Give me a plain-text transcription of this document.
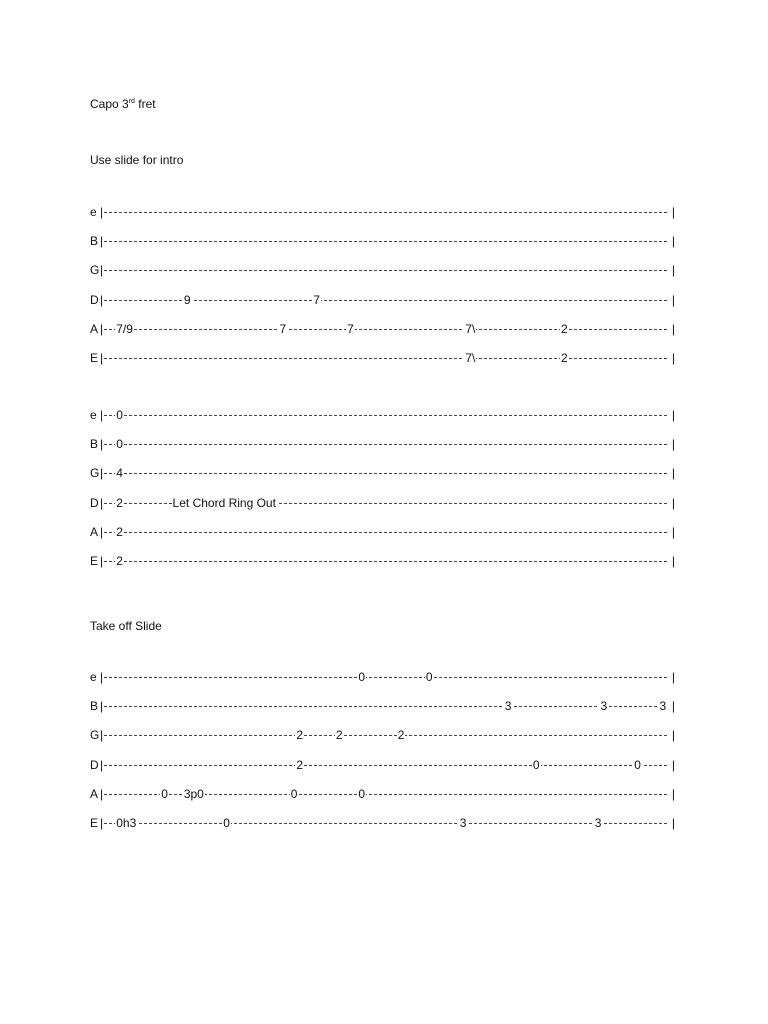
Capo 3rd fret
Use slide for intro
e |	|
B |	|
G |	|
D |	9	7	|
A | 7/9	7	7	7\	2	|
E |	7\	2	|
e | 0	|
B | 0	|
G | 4	|
D | 2	Let Chord Ring Out	|
A | 2	|
E | 2	|
Take off Slide
e |	0	0	|
B |	3	3	3 |
G |	2	2	2	|
D |	2	0	0	|
A |	0 3p0	0	0	|
E | 0h3	0	3	3	|
